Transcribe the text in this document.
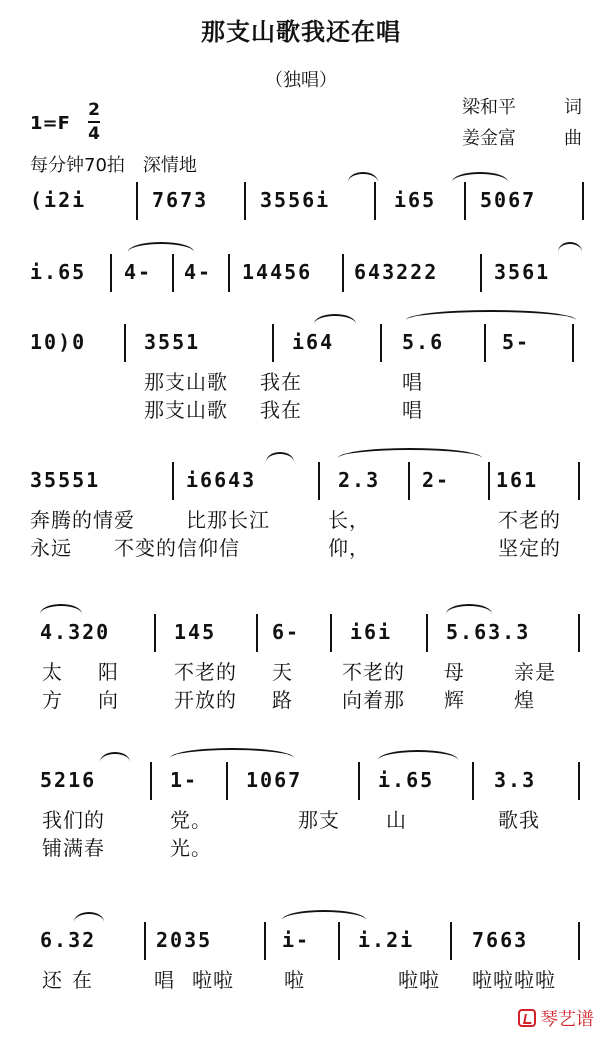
那支山歌我还在唱
（独唱）
梁和平	词
姜金富	曲
1=F
2
4
每分钟70拍　深情地
(i2i	7673	3556i	i65 5067
i.65 4- 4- 14456 643222	3561
10)0	3551	i64	5.6	5-
那支山歌 我在	唱
那支山歌 我在	唱
35551	i6643	2.3 2- 161
奔腾的情爱	比那长江	长，	不老的
永远 不变的信仰信	仰，	坚定的
4.320	145	6- i6i	5.63.3
太 阳	不老的 天 不老的 母 亲是
方 向	开放的 路 向着那 辉 煌
5216	1- 1067	i.65	3.3
我们的	党。	那支 山	歌我
铺满春	光。
6.32	2035	i- i.2i	7663
还 在	唱 啦啦	啦	啦啦 啦啦啦啦
琴艺谱
